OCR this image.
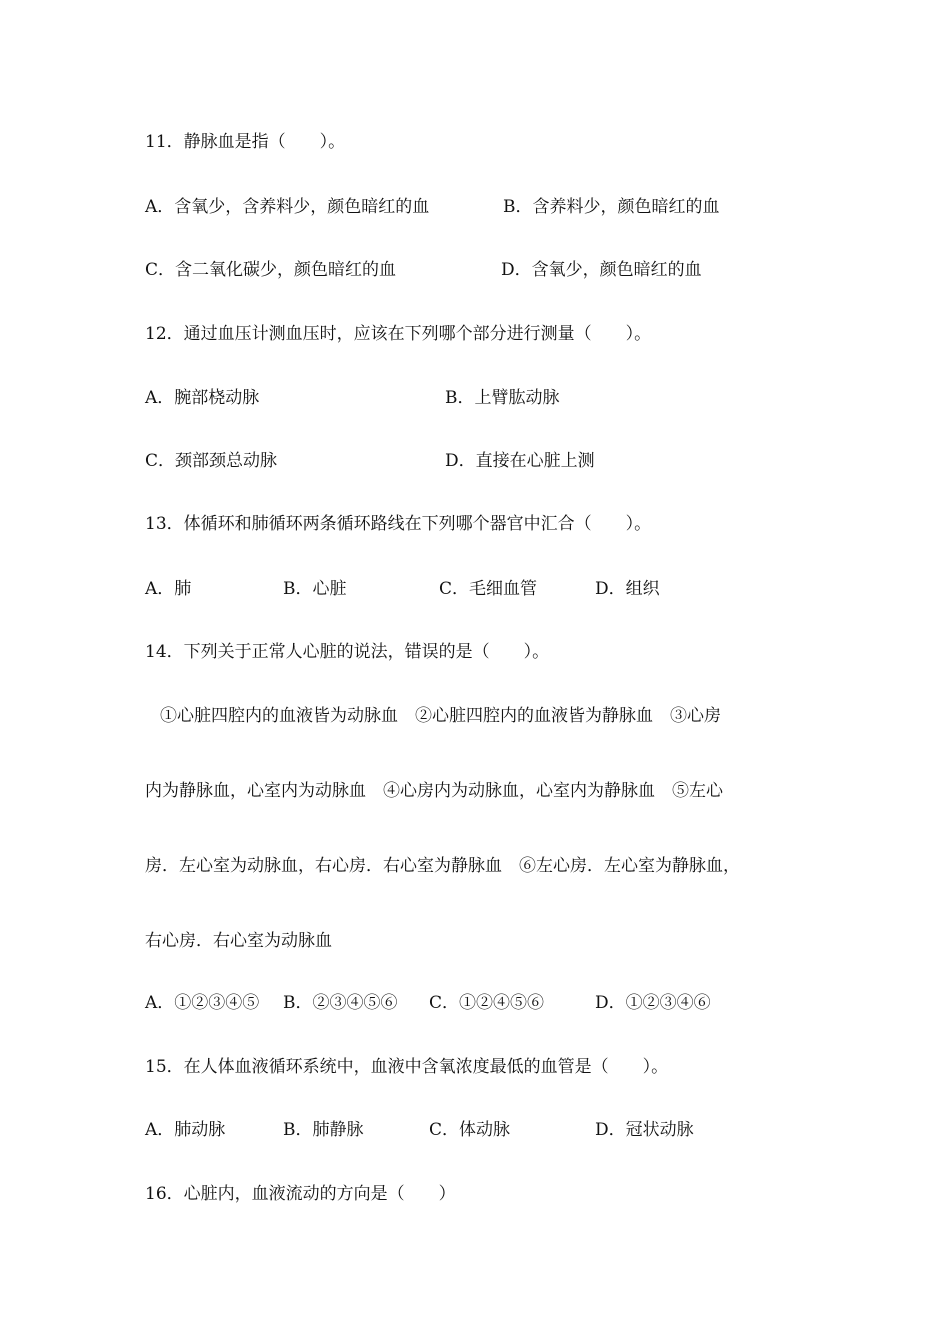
11．静脉血是指（　　）。
A．含氧少，含养料少，颜色暗红的血	B．含养料少，颜色暗红的血
C．含二氧化碳少，颜色暗红的血	D．含氧少，颜色暗红的血
12．通过血压计测血压时，应该在下列哪个部分进行测量（　　）。
A．腕部桡动脉	B．上臂肱动脉
C．颈部颈总动脉	D．直接在心脏上测
13．体循环和肺循环两条循环路线在下列哪个器官中汇合（　　）。
A．肺	B．心脏	C．毛细血管	D．组织
14．下列关于正常人心脏的说法，错误的是（　　）。
①心脏四腔内的血液皆为动脉血　②心脏四腔内的血液皆为静脉血　③心房
内为静脉血，心室内为动脉血　④心房内为动脉血，心室内为静脉血　⑤左心
房．左心室为动脉血，右心房．右心室为静脉血　⑥左心房．左心室为静脉血，
右心房．右心室为动脉血
A．①②③④⑤ B．②③④⑤⑥ C．①②④⑤⑥	D．①②③④⑥
15．在人体血液循环系统中，血液中含氧浓度最低的血管是（　　）。
A．肺动脉	B．肺静脉	C．体动脉	D．冠状动脉
16．心脏内，血液流动的方向是（　　）
